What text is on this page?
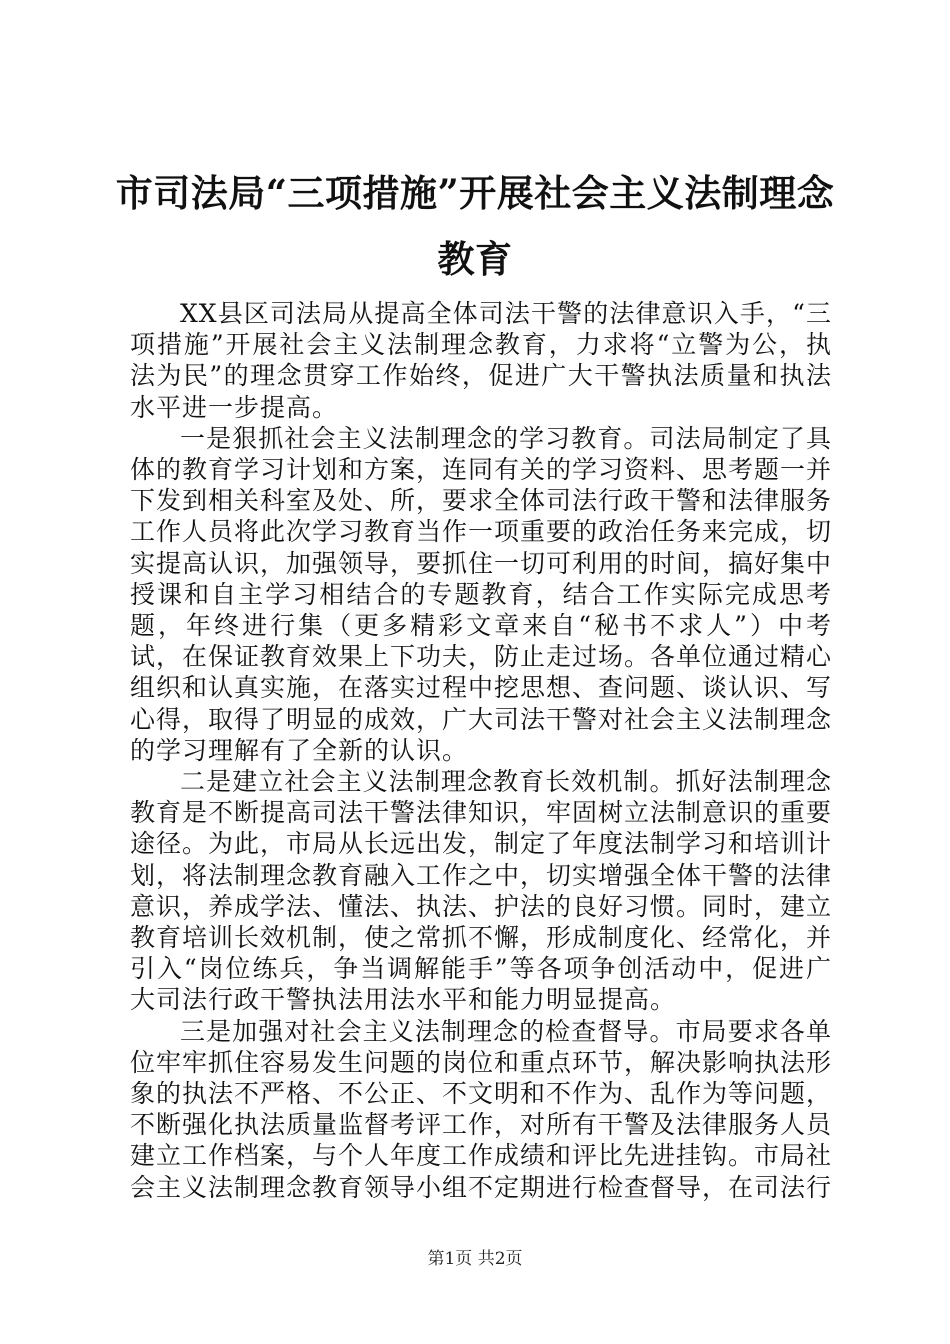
市司法局“三项措施”开展社会主义法制理念教育

XX县区司法局从提高全体司法干警的法律意识入手，“三项措施”开展社会主义法制理念教育，力求将“立警为公，执法为民”的理念贯穿工作始终，促进广大干警执法质量和执法水平进一步提高。

一是狠抓社会主义法制理念的学习教育。司法局制定了具体的教育学习计划和方案，连同有关的学习资料、思考题一并下发到相关科室及处、所，要求全体司法行政干警和法律服务工作人员将此次学习教育当作一项重要的政治任务来完成，切实提高认识，加强领导，要抓住一切可利用的时间，搞好集中授课和自主学习相结合的专题教育，结合工作实际完成思考题，年终进行集（更多精彩文章来自“秘书不求人”）中考试，在保证教育效果上下功夫，防止走过场。各单位通过精心组织和认真实施，在落实过程中挖思想、查问题、谈认识、写心得，取得了明显的成效，广大司法干警对社会主义法制理念的学习理解有了全新的认识。

二是建立社会主义法制理念教育长效机制。抓好法制理念教育是不断提高司法干警法律知识，牢固树立法制意识的重要途径。为此，市局从长远出发，制定了年度法制学习和培训计划，将法制理念教育融入工作之中，切实增强全体干警的法律意识，养成学法、懂法、执法、护法的良好习惯。同时，建立教育培训长效机制，使之常抓不懈，形成制度化、经常化，并引入“岗位练兵，争当调解能手”等各项争创活动中，促进广大司法行政干警执法用法水平和能力明显提高。

三是加强对社会主义法制理念的检查督导。市局要求各单位牢牢抓住容易发生问题的岗位和重点环节，解决影响执法形象的执法不严格、不公正、不文明和不作为、乱作为等问题，不断强化执法质量监督考评工作，对所有干警及法律服务人员建立工作档案，与个人年度工作成绩和评比先进挂钩。市局社会主义法制理念教育领导小组不定期进行检查督导，在司法行

第1页 共2页
